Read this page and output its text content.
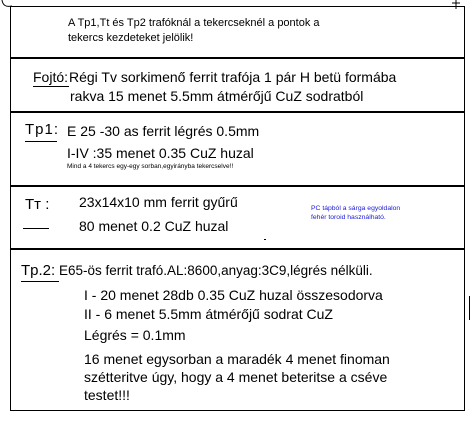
A Tp1,Tt és Tp2 trafóknál a tekercseknél a pontok a
tekercs kezdeteket jelölik!
Fojtó: Régi Tv sorkimenő ferrit trafója 1 pár H betü formába
rakva 15 menet 5.5mm átmérőjű CuZ sodratból
Tp1: E 25 -30 as ferrit légrés 0.5mm
I-IV :35 menet 0.35 CuZ huzal
Mind a 4 tekercs egy-egy sorban,egyirányba tekercselve!!
Tт : 23x14x10 mm ferrit gyűrű
80 menet 0.2 CuZ huzal
PC tápból a sárga egyoldalon
fehér toroid használható.
Tp.2: E65-ös ferrit trafó.AL:8600,anyag:3C9,légrés nélküli.
I - 20 menet 28db 0.35 CuZ huzal összesodorva
II - 6 menet 5.5mm átmérőjű sodrat CuZ
Légrés = 0.1mm
16 menet egysorban a maradék 4 menet finoman
szétteritve úgy, hogy a 4 menet beteritse a cséve
testet!!!
